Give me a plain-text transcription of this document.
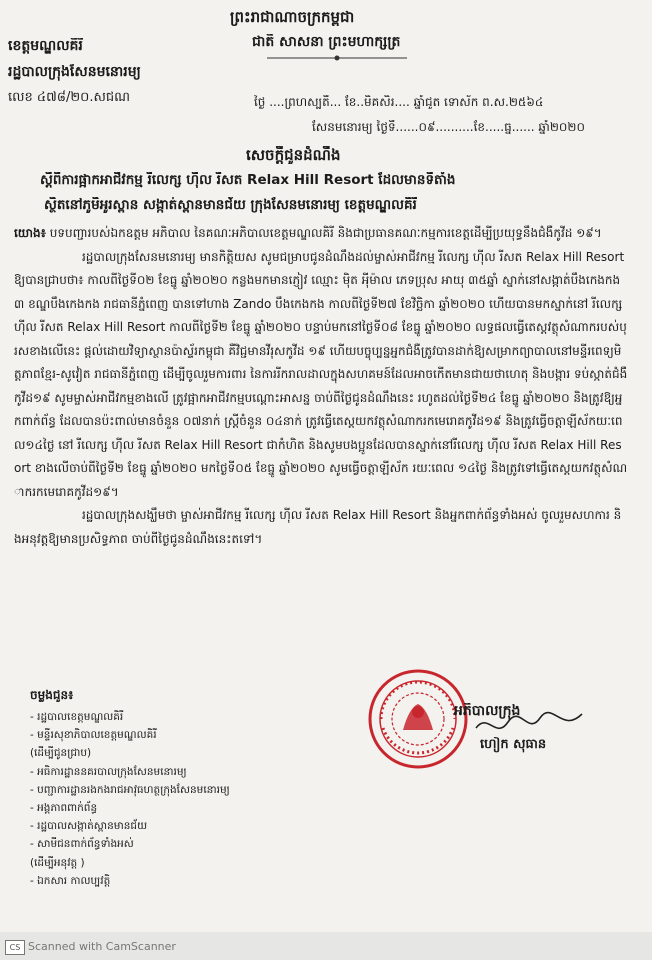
ព្រះរាជាណាចក្រកម្ពុជា
ជាតិ សាសនា ព្រះមហាក្សត្រ
ខេត្តមណ្ឌលគិរី
រដ្ឋបាលក្រុងសែនមនោរម្យ
លេខ ៤៧៨/២០.សជណ	ថ្ងៃ ....ព្រហស្បតិ៍... ខែ..មិគសិរ.... ឆ្នាំជូត ទោស័ក ព.ស.២៥៦៤
សែនមនោរម្យ ថ្ងៃទី......០៩..........ខែ.....ធ្នូ...... ឆ្នាំ២០២០
សេចក្តីជូនដំណឹង
ស្តីពីការផ្អាកអាជីវកម្ម រីលេក្ស ហ៊ីល រីសត Relax Hill Resort ដែលមានទីតាំង
ស្ថិតនៅភូមិអូរស្ពាន សង្កាត់ស្ពានមានជ័យ ក្រុងសែនមនោរម្យ ខេត្តមណ្ឌលគិរី

យោង៖ បទបញ្ជារបស់ឯកឧត្តម អភិបាល នៃគណៈអភិបាលខេត្តមណ្ឌលគិរី និងជាប្រធានគណៈកម្មការខេត្តដើម្បីប្រយុទ្ធនឹងជំងឺកូវីដ ១៩។

រដ្ឋបាលក្រុងសែនមនោរម្យ មានកិត្តិយស សូមជម្រាបជូនដំណឹងដល់ម្ចាស់អាជីវកម្ម រីលេក្ស ហ៊ីល រីសត Relax Hill Resort ឱ្យបានជ្រាបថា៖ កាលពីថ្ងៃទី០២ ខែធ្នូ ឆ្នាំ២០២០ កន្លងមកមានភ្ញៀវ ឈ្មោះ ម៉ិត អុីម៉ាល ភេទប្រុស អាយុ ៣៥ឆ្នាំ ស្នាក់នៅសង្កាត់បឹងកេងកង៣ ខណ្ឌបឹងកេងកង រាជធានីភ្នំពេញ បានទៅហាង Zando បឹងកេងកង កាលពីថ្ងៃទី២៧ ខែវិច្ឆិកា ឆ្នាំ២០២០ ហើយបានមកស្នាក់នៅ រីលេក្ស ហ៊ីល រីសត Relax Hill Resort កាលពីថ្ងៃទី២ ខែធ្នូ ឆ្នាំ២០២០ បន្ទាប់មកនៅថ្ងៃទី០៨ ខែធ្នូ ឆ្នាំ២០២០ លទ្ធផលធ្វើតេស្តវត្ថុសំណាករបស់បុរសខាងលើនេះ ផ្តល់ដោយវិទ្យាស្ថានប៉ាស្ទ័រកម្ពុជា គឺវិជ្ជមានវីរុសកូវីដ ១៩ ហើយបច្ចុប្បន្នអ្នកជំងឺត្រូវបានដាក់ឱ្យសម្រាកព្យាបាលនៅមន្ទីរពេទ្យមិត្តភាពខ្មែរ-សូវៀត រាជធានីភ្នំពេញ ដើម្បីចូលរួមការពារ នៃការរីករាលដាលក្នុងសហគមន៍ដែលអាចកើតមានជាយថាហេតុ និងបង្ការ ទប់ស្កាត់ជំងឺកូវីដ១៩ សូមម្ចាស់អាជីវកម្មខាងលើ ត្រូវផ្អាកអាជីវកម្មបណ្តោះអាសន្ន ចាប់ពីថ្ងៃជូនដំណឹងនេះ រហូតដល់ថ្ងៃទី២៤ ខែធ្នូ ឆ្នាំ២០២០ និងត្រូវឱ្យអ្នកពាក់ព័ន្ធ ដែលបានប៉ះពាល់មានចំនួន ០៧នាក់ ស្រ្តីចំនួន ០៤នាក់ ត្រូវធ្វើតេស្តយកវត្ថុសំណាករកមេរោគកូវីដ១៩ និងត្រូវធ្វើចត្តាឡីស័កយៈពេល១៤ថ្ងៃ នៅ រីលេក្ស ហ៊ីល រីសត Relax Hill Resort ជាកំហិត និងសូមបងប្អូនដែលបានស្នាក់នៅរីលេក្ស ហ៊ីល រីសត Relax Hill Resort ខាងលើចាប់ពីថ្ងៃទី២ ខែធ្នូ ឆ្នាំ២០២០ មកថ្ងៃទី០៥ ខែធ្នូ ឆ្នាំ២០២០ សូមធ្វើចត្តាឡីស័ក រយៈពេល ១៤ថ្ងៃ និងត្រូវទៅធ្វើតេស្តយកវត្ថុសំណាករកមេរោគកូវីដ១៩។

រដ្ឋបាលក្រុងសង្ឃឹមថា ម្ចាស់អាជីវកម្ម រីលេក្ស ហ៊ីល រីសត Relax Hill Resort និងអ្នកពាក់ព័ន្ធទាំងអស់ ចូលរួមសហការ និងអនុវត្តឱ្យមានប្រសិទ្ធភាព ចាប់ពីថ្ងៃជូនដំណឹងនេះតទៅ។

ចម្លងជូន៖
- រដ្ឋបាលខេត្តមណ្ឌលគិរី
- មន្ទីរសុខាភិបាលខេត្តមណ្ឌលគិរី
(ដើម្បីជូនជ្រាប)
- អធិការដ្ឋាននគរបាលក្រុងសែនមនោរម្យ
- បញ្ជាការដ្ឋានរងកងរាជអាវុធហត្ថក្រុងសែនមនោរម្យ
- អង្គភាពពាក់ព័ន្ធ
- រដ្ឋបាលសង្កាត់ស្ពានមានជ័យ
- សាមីជនពាក់ព័ន្ធទាំងអស់
(ដើម្បីអនុវត្ត )
- ឯកសារ កាលប្បវត្តិ
អភិបាលក្រុង
ហៀក សុធាន
CS Scanned with CamScanner
